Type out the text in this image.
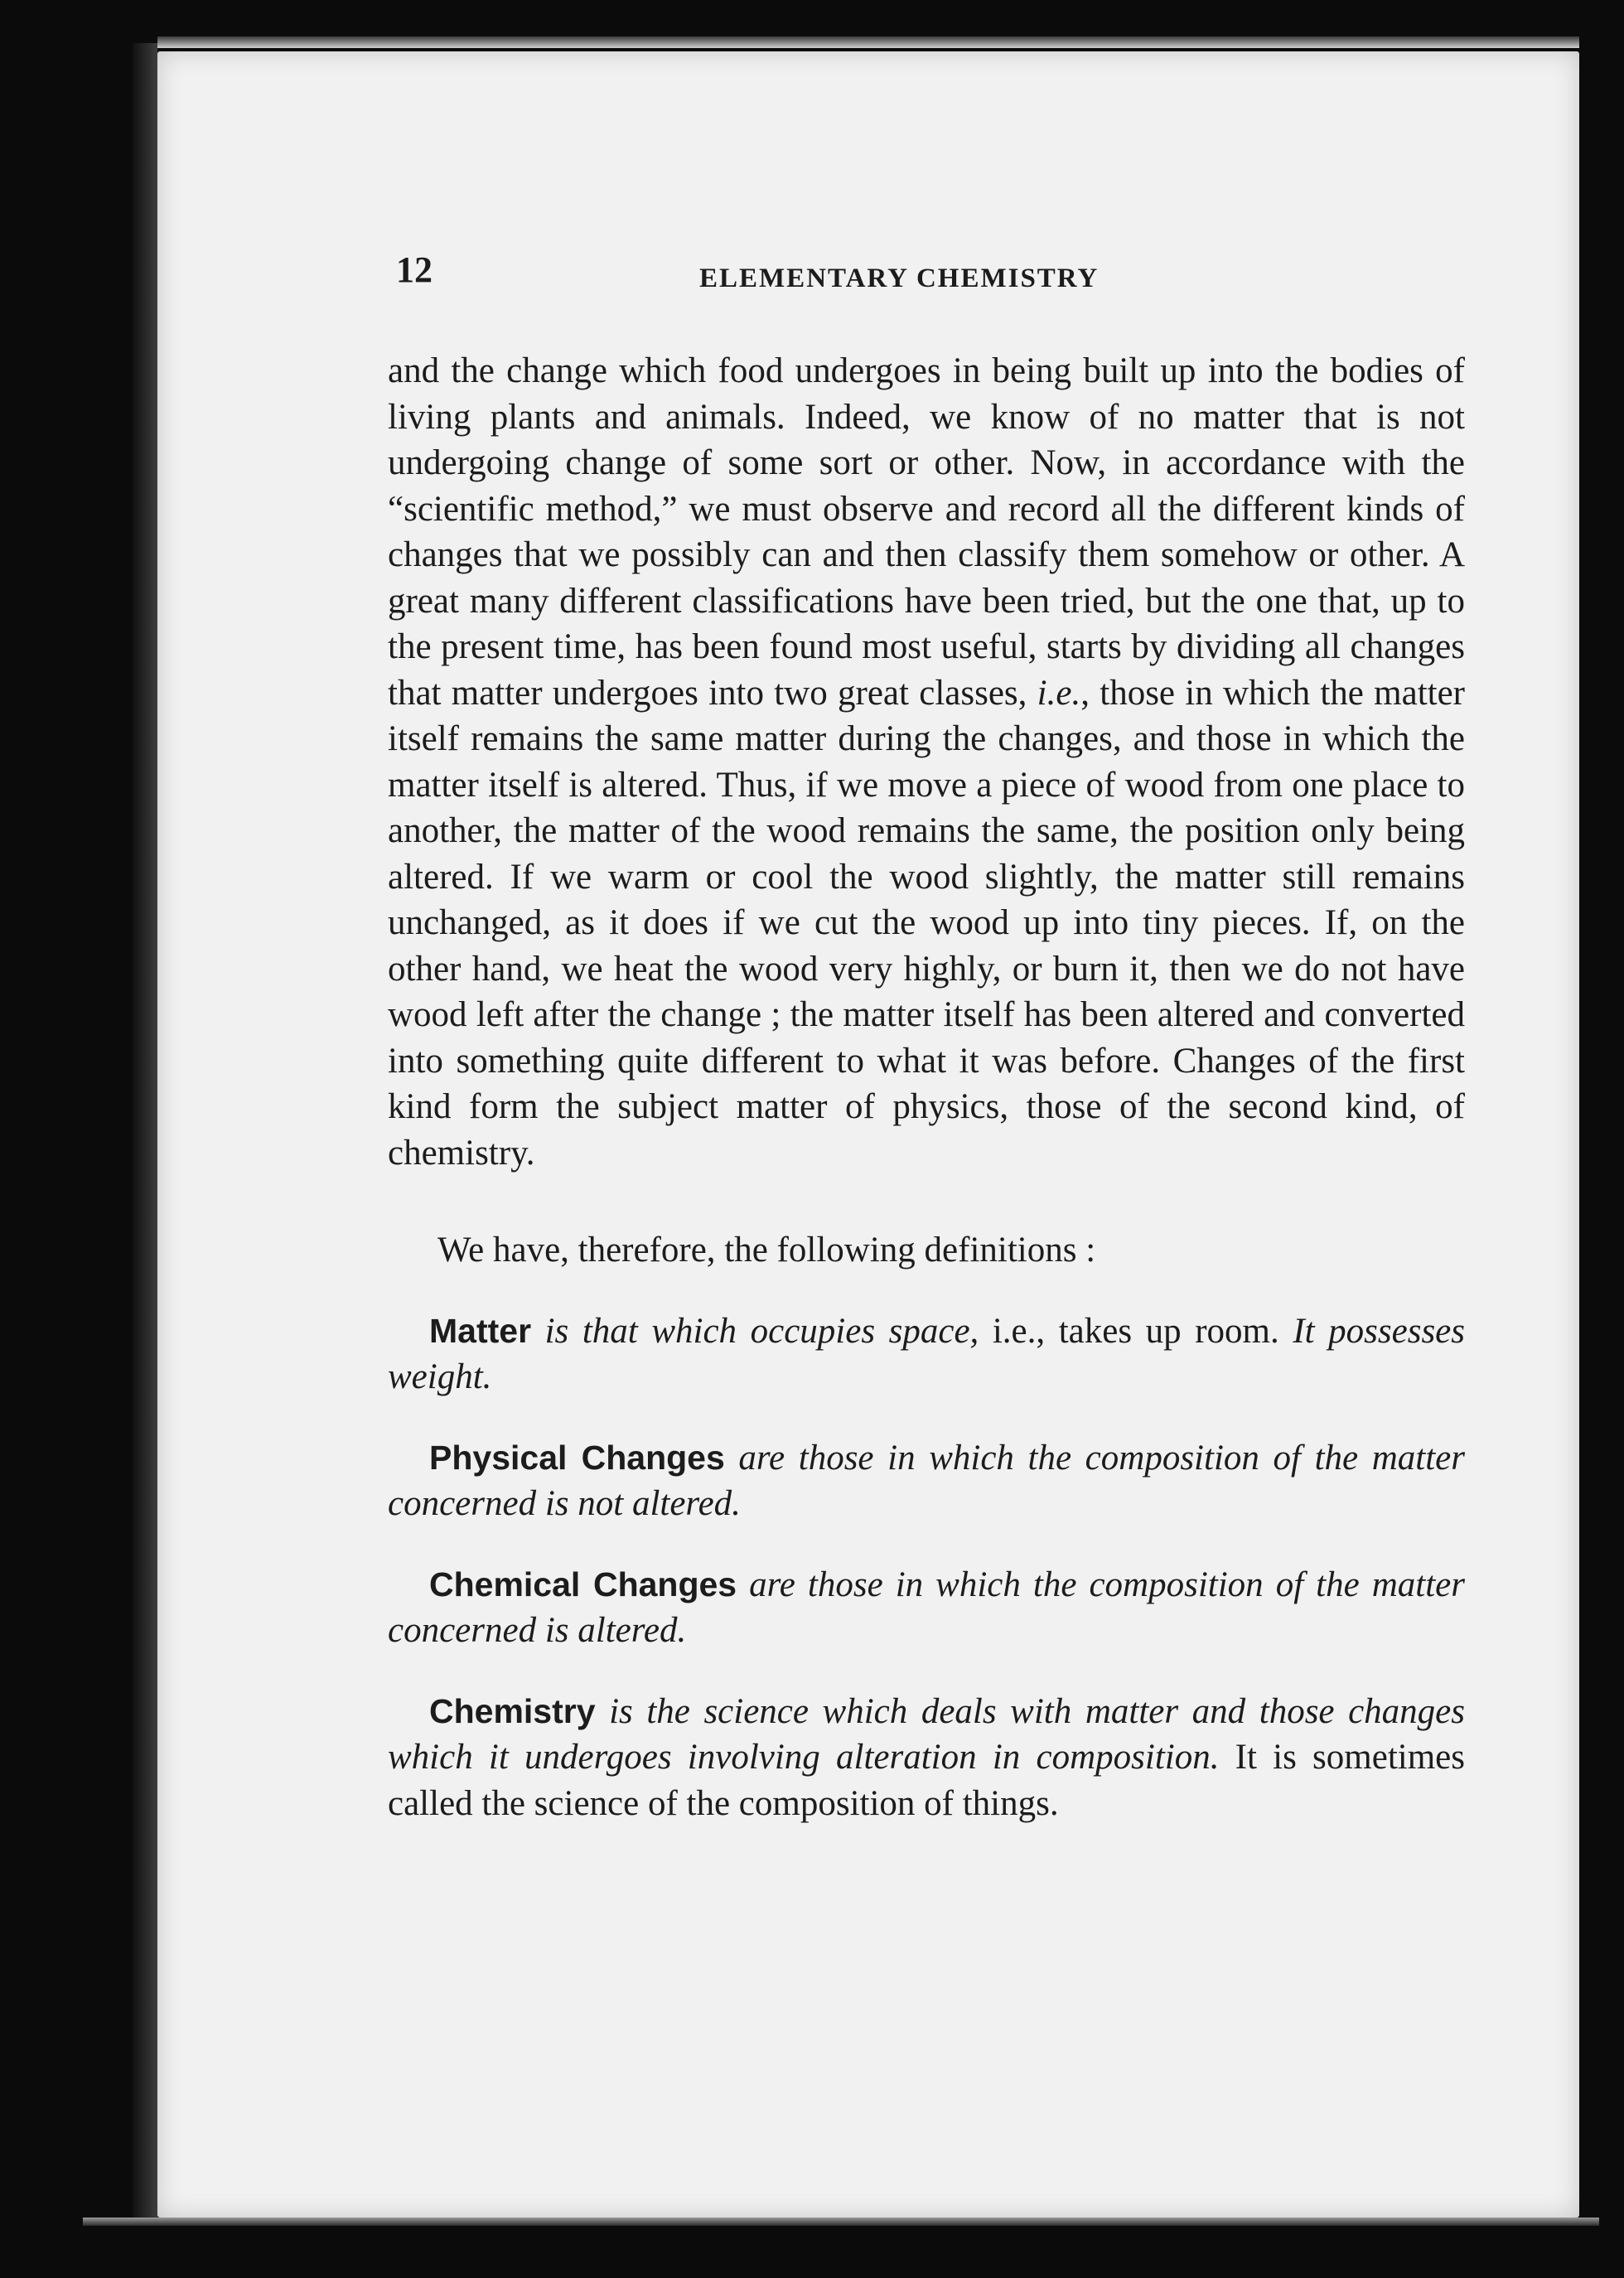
12	ELEMENTARY CHEMISTRY

and the change which food undergoes in being built up into the bodies of living plants and animals. Indeed, we know of no matter that is not undergoing change of some sort or other. Now, in accordance with the “scientific method,” we must observe and record all the different kinds of changes that we possibly can and then classify them somehow or other. A great many different classifications have been tried, but the one that, up to the present time, has been found most useful, starts by dividing all changes that matter undergoes into two great classes, i.e., those in which the matter itself remains the same matter during the changes, and those in which the matter itself is altered. Thus, if we move a piece of wood from one place to another, the matter of the wood remains the same, the position only being altered. If we warm or cool the wood slightly, the matter still remains unchanged, as it does if we cut the wood up into tiny pieces. If, on the other hand, we heat the wood very highly, or burn it, then we do not have wood left after the change ; the matter itself has been altered and converted into something quite different to what it was before. Changes of the first kind form the subject matter of physics, those of the second kind, of chemistry.

We have, therefore, the following definitions :

Matter is that which occupies space, i.e., takes up room. It possesses weight.

Physical Changes are those in which the composition of the matter concerned is not altered.

Chemical Changes are those in which the composition of the matter concerned is altered.

Chemistry is the science which deals with matter and those changes which it undergoes involving alteration in composition. It is sometimes called the science of the composition of things.
